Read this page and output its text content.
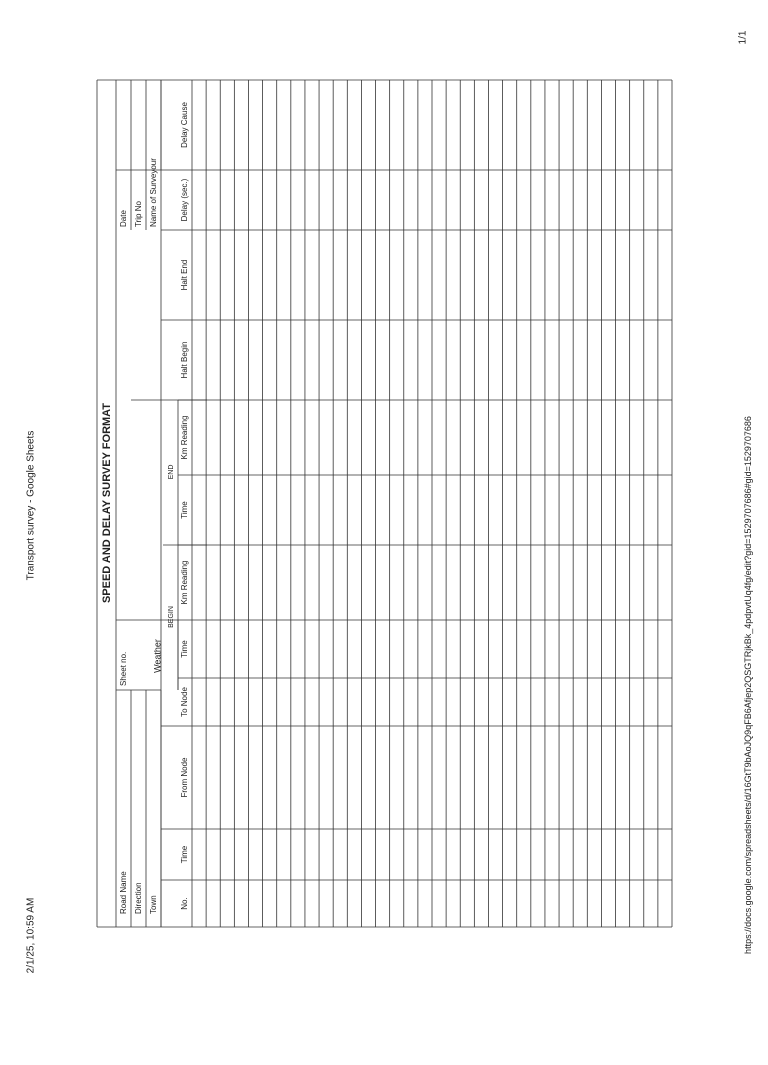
2/1/25, 10:59 AM
Transport survey - Google Sheets	https://docs.google.com/spreadsheets/d/16GtT9bAoJQ9qFB6Afjep2QSGTRjkBk_4pdpvtUq4fg/edit?gid=1529707686#gid=1529707686
1/1
SPEED AND DELAY SURVEY FORMAT
Road Name Direction Town
Sheet no.	Weather
Date Trip No Name of Surveyour
BEGIN
END
No.
Time
From Node
To Node
Time
Km Reading
Time
Km Reading
Halt Begin
Halt End
Delay (sec.)
Delay Cause
